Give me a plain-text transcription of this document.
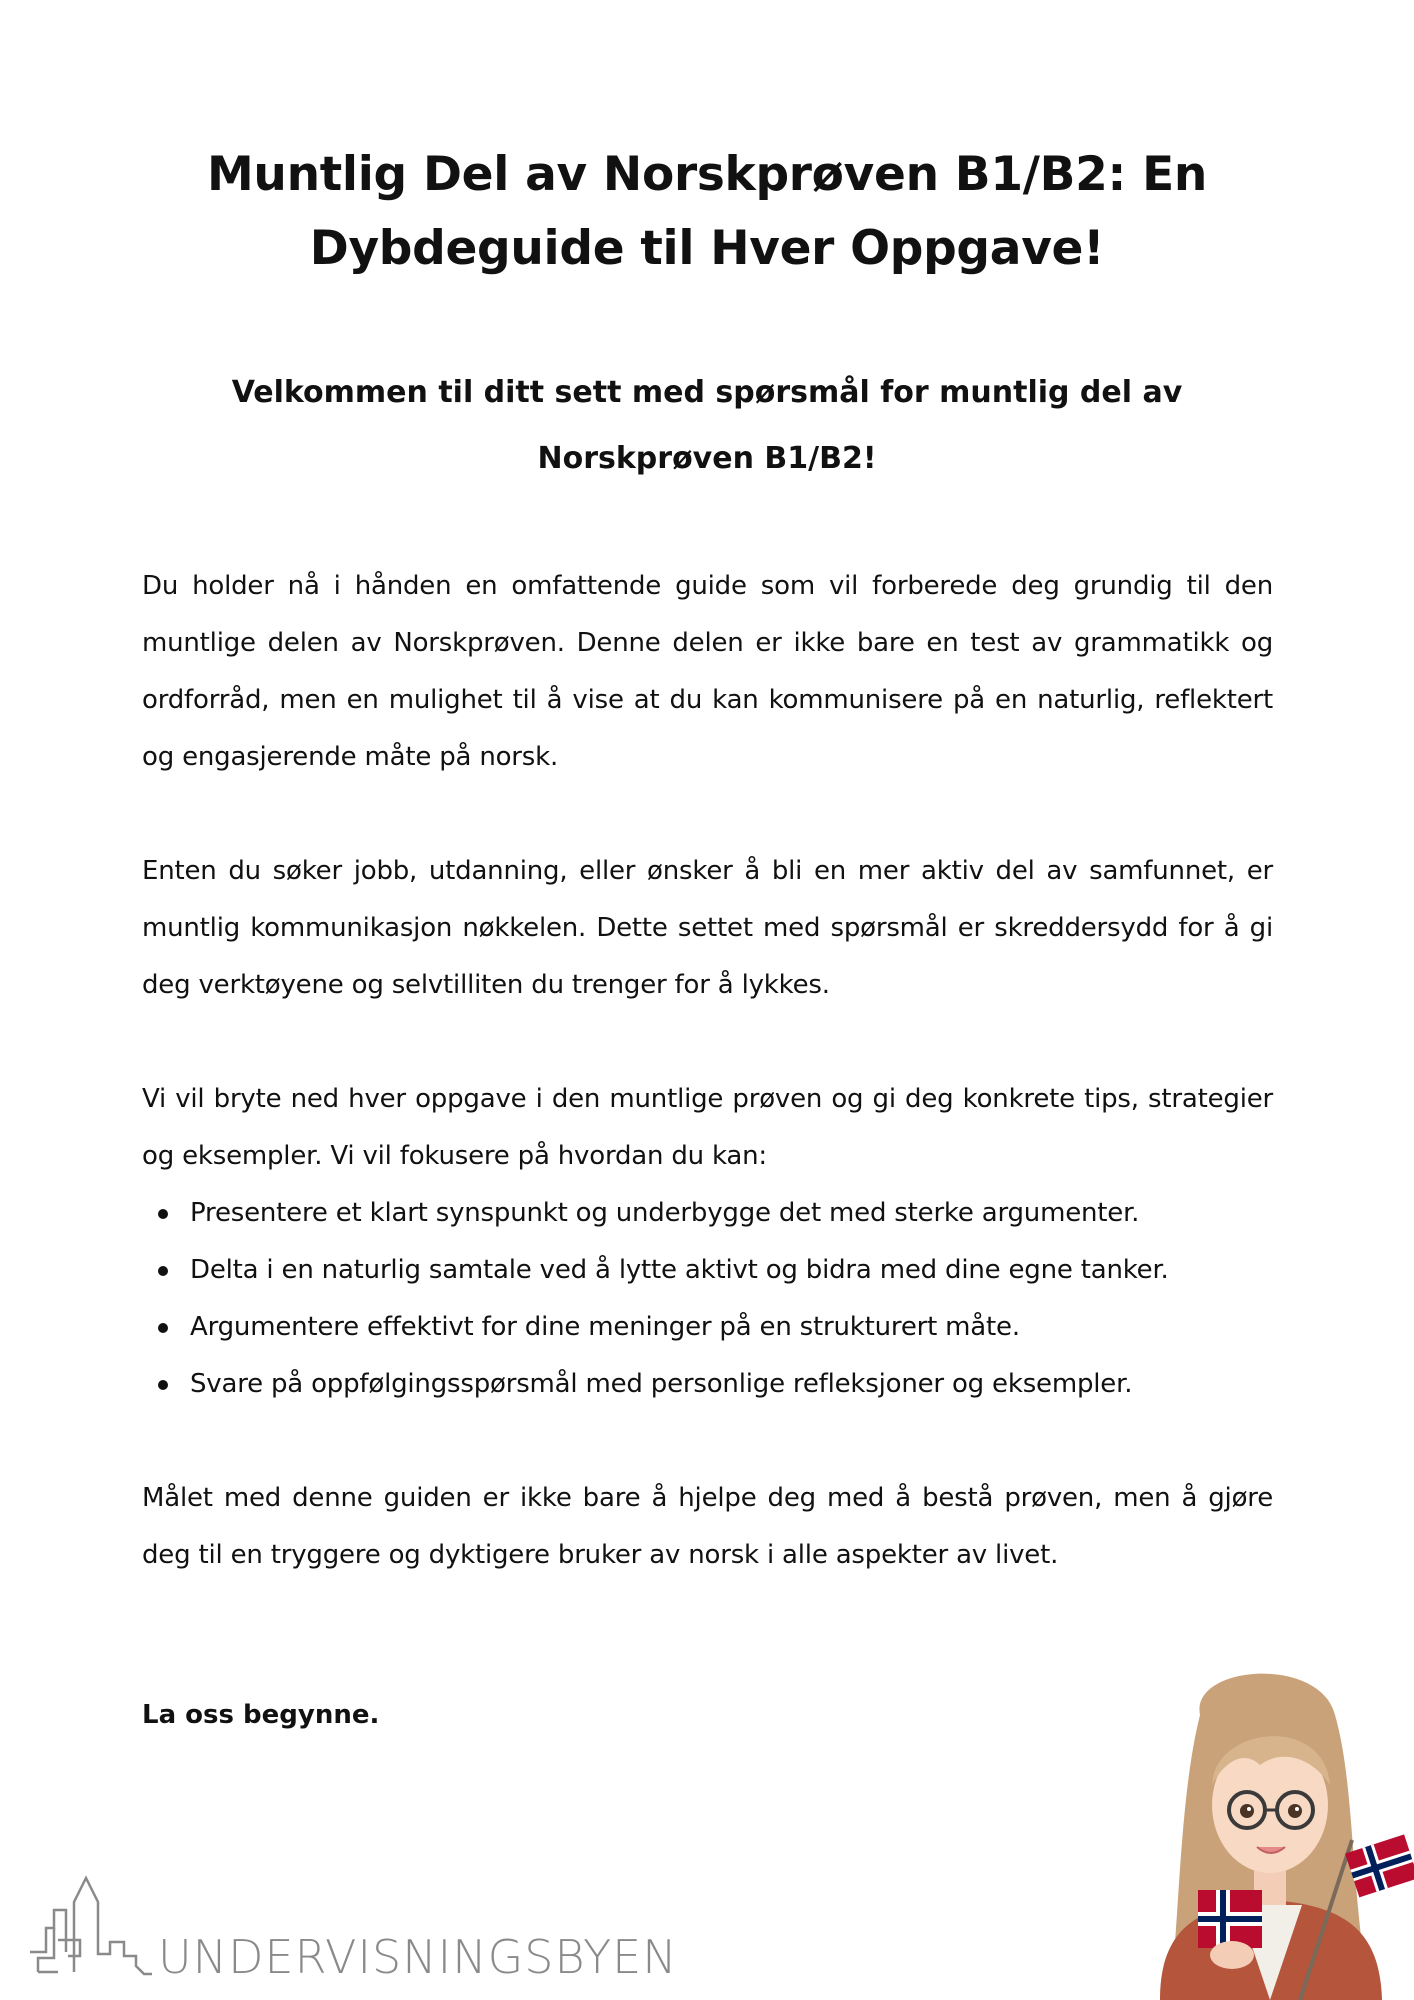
Muntlig Del av Norskprøven B1/B2: En Dybdeguide til Hver Oppgave!
Velkommen til ditt sett med spørsmål for muntlig del av Norskprøven B1/B2!

Du holder nå i hånden en omfattende guide som vil forberede deg grundig til den muntlige delen av Norskprøven. Denne delen er ikke bare en test av grammatikk og ordforråd, men en mulighet til å vise at du kan kommunisere på en naturlig, reflektert og engasjerende måte på norsk.

Enten du søker jobb, utdanning, eller ønsker å bli en mer aktiv del av samfunnet, er muntlig kommunikasjon nøkkelen. Dette settet med spørsmål er skreddersydd for å gi deg verktøyene og selvtilliten du trenger for å lykkes.

Vi vil bryte ned hver oppgave i den muntlige prøven og gi deg konkrete tips, strategier og eksempler. Vi vil fokusere på hvordan du kan:

Presentere et klart synspunkt og underbygge det med sterke argumenter.
Delta i en naturlig samtale ved å lytte aktivt og bidra med dine egne tanker.
Argumentere effektivt for dine meninger på en strukturert måte.
Svare på oppfølgingsspørsmål med personlige refleksjoner og eksempler.

Målet med denne guiden er ikke bare å hjelpe deg med å bestå prøven, men å gjøre deg til en tryggere og dyktigere bruker av norsk i alle aspekter av livet.

La oss begynne.

UNDERVISNINGSBYEN
